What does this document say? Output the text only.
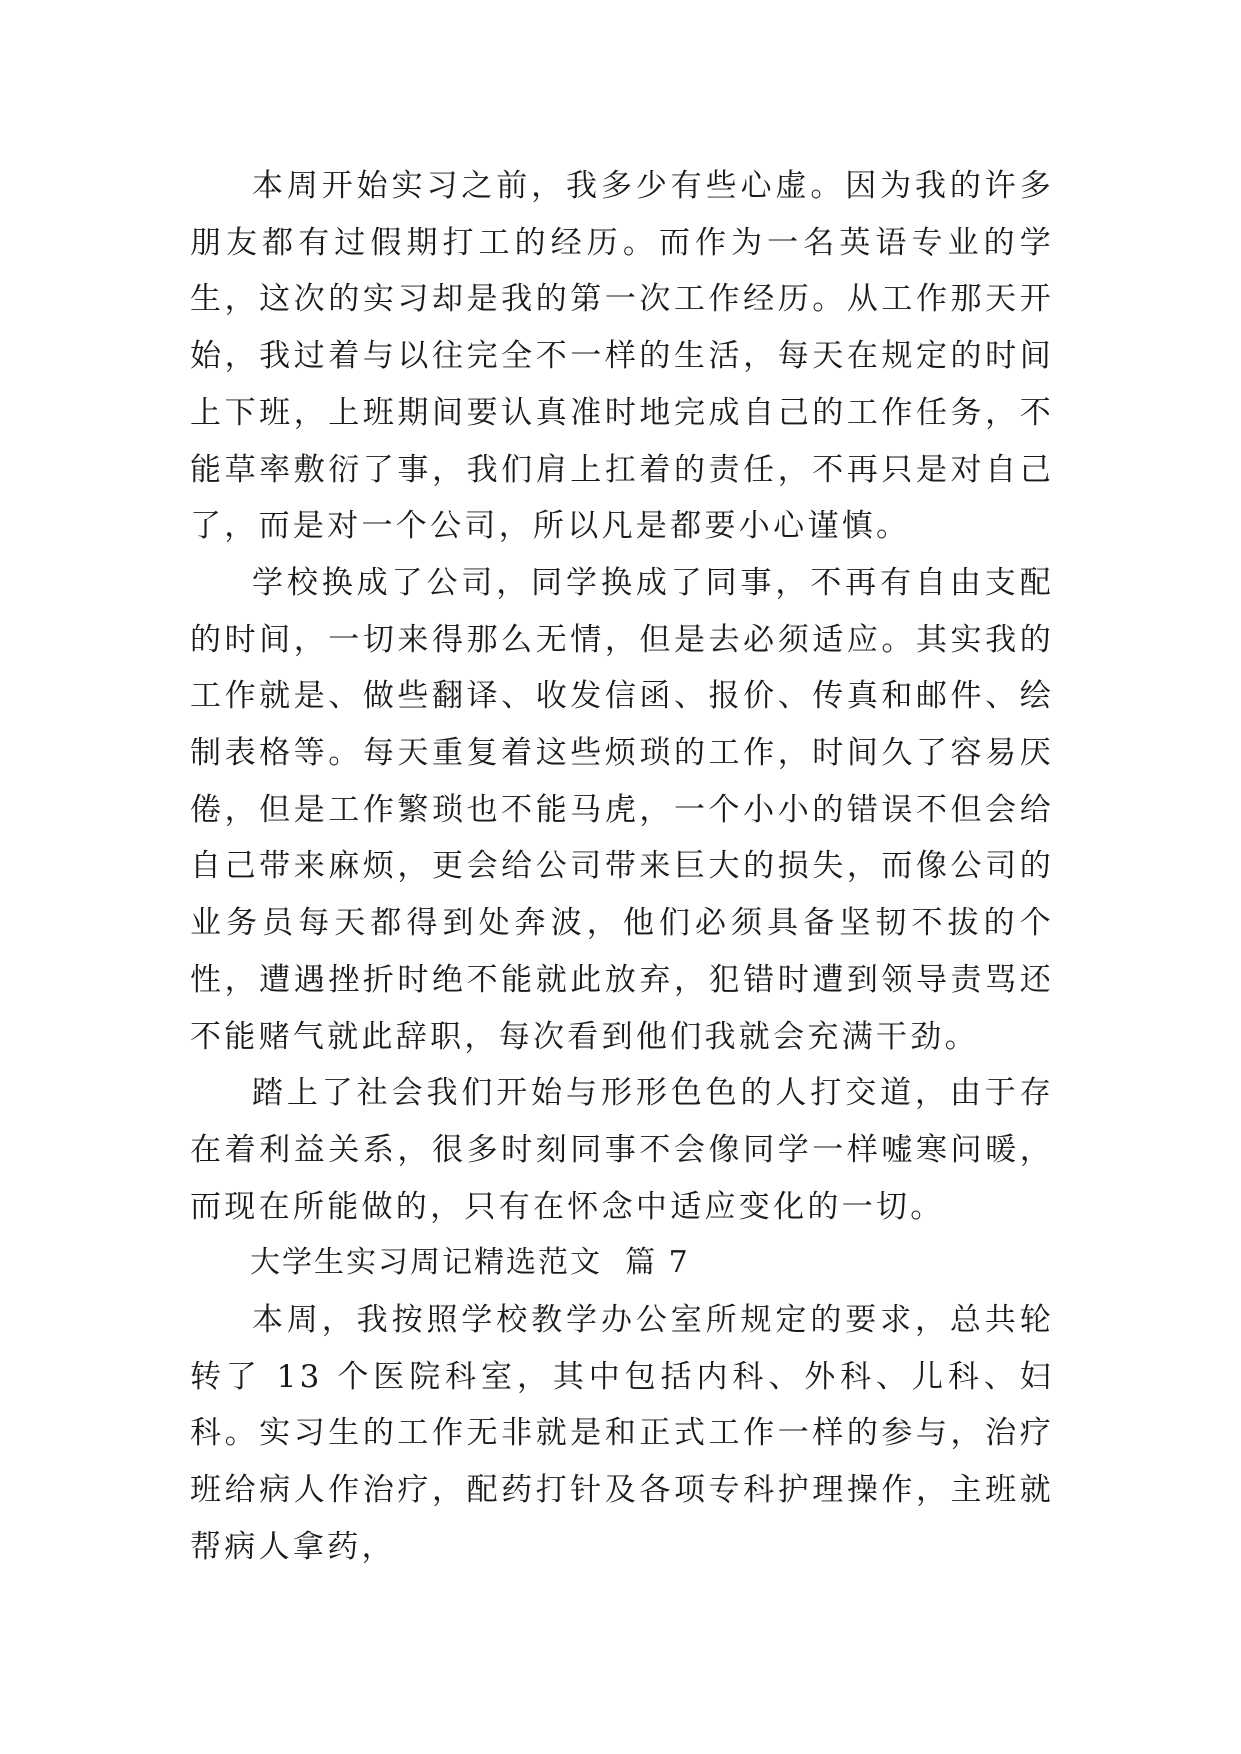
本周开始实习之前，我多少有些心虚。因为我的许多朋友都有过假期打工的经历。而作为一名英语专业的学生，这次的实习却是我的第一次工作经历。从工作那天开始，我过着与以往完全不一样的生活，每天在规定的时间上下班，上班期间要认真准时地完成自己的工作任务，不能草率敷衍了事，我们肩上扛着的责任，不再只是对自己了，而是对一个公司，所以凡是都要小心谨慎。

学校换成了公司，同学换成了同事，不再有自由支配的时间，一切来得那么无情，但是去必须适应。其实我的工作就是、做些翻译、收发信函、报价、传真和邮件、绘制表格等。每天重复着这些烦琐的工作，时间久了容易厌倦，但是工作繁琐也不能马虎，一个小小的错误不但会给自己带来麻烦，更会给公司带来巨大的损失，而像公司的业务员每天都得到处奔波，他们必须具备坚韧不拔的个性，遭遇挫折时绝不能就此放弃，犯错时遭到领导责骂还不能赌气就此辞职，每次看到他们我就会充满干劲。

踏上了社会我们开始与形形色色的人打交道，由于存在着利益关系，很多时刻同事不会像同学一样嘘寒问暖，而现在所能做的，只有在怀念中适应变化的一切。

大学生实习周记精选范文  篇 7

本周，我按照学校教学办公室所规定的要求，总共轮转了 13 个医院科室，其中包括内科、外科、儿科、妇科。实习生的工作无非就是和正式工作一样的参与，治疗班给病人作治疗，配药打针及各项专科护理操作，主班就帮病人拿药，
